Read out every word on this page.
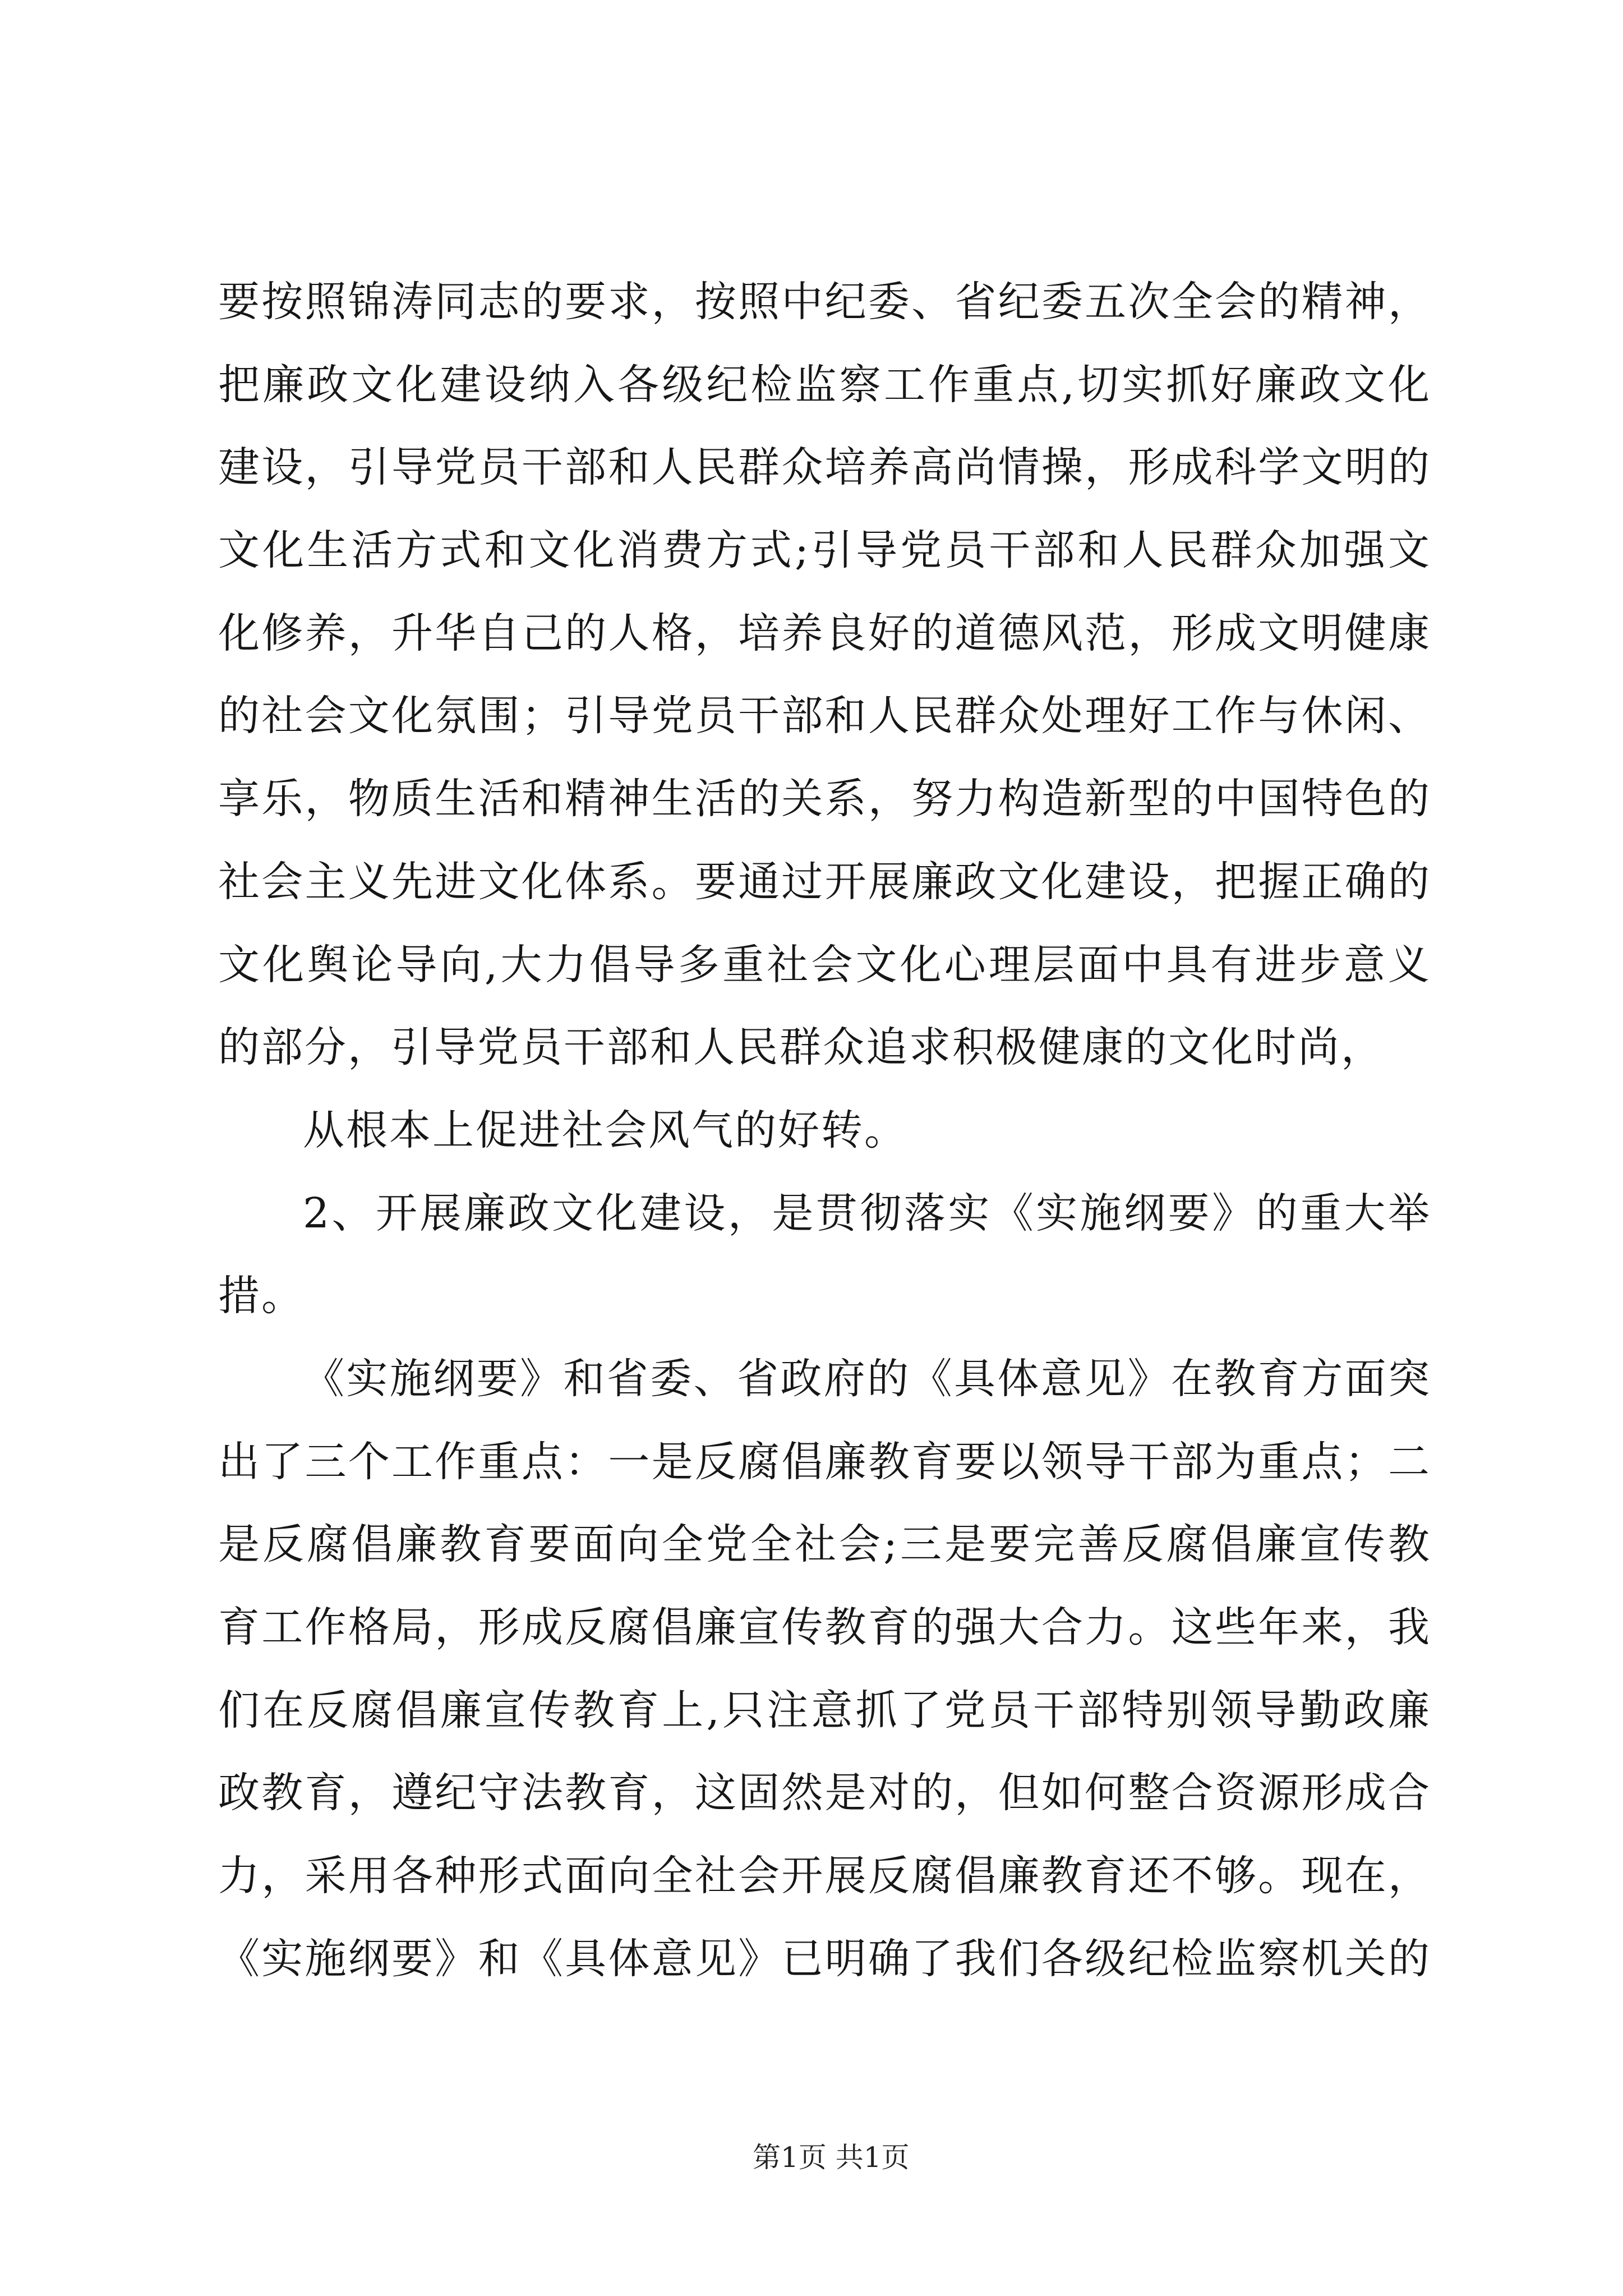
要按照锦涛同志的要求，按照中纪委、省纪委五次全会的精神，
把廉政文化建设纳入各级纪检监察工作重点,切实抓好廉政文化
建设，引导党员干部和人民群众培养高尚情操，形成科学文明的
文化生活方式和文化消费方式;引导党员干部和人民群众加强文
化修养，升华自己的人格，培养良好的道德风范，形成文明健康
的社会文化氛围；引导党员干部和人民群众处理好工作与休闲、
享乐，物质生活和精神生活的关系，努力构造新型的中国特色的
社会主义先进文化体系。要通过开展廉政文化建设，把握正确的
文化舆论导向,大力倡导多重社会文化心理层面中具有进步意义
的部分，引导党员干部和人民群众追求积极健康的文化时尚，
从根本上促进社会风气的好转。
2、开展廉政文化建设，是贯彻落实《实施纲要》的重大举
措。
《实施纲要》和省委、省政府的《具体意见》在教育方面突
出了三个工作重点：一是反腐倡廉教育要以领导干部为重点；二
是反腐倡廉教育要面向全党全社会;三是要完善反腐倡廉宣传教
育工作格局，形成反腐倡廉宣传教育的强大合力。这些年来，我
们在反腐倡廉宣传教育上,只注意抓了党员干部特别领导勤政廉
政教育，遵纪守法教育，这固然是对的，但如何整合资源形成合
力，采用各种形式面向全社会开展反腐倡廉教育还不够。现在，
《实施纲要》和《具体意见》已明确了我们各级纪检监察机关的
第1页 共1页
